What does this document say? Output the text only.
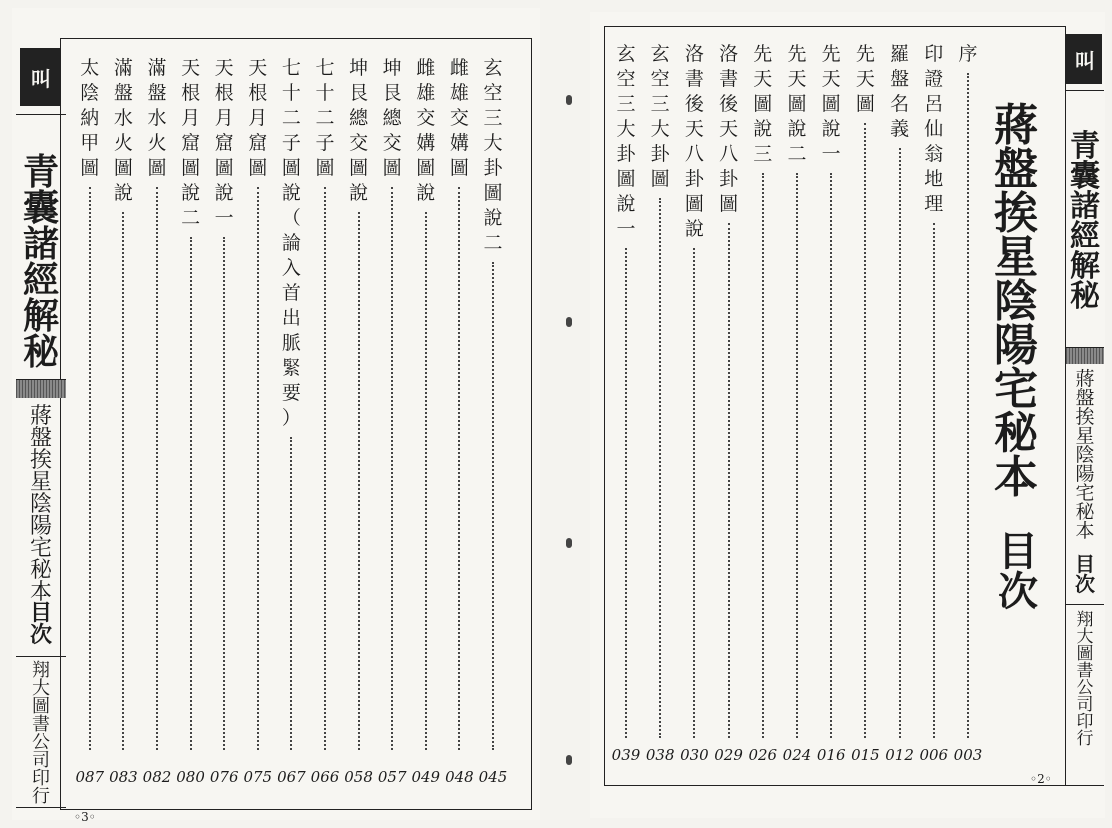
玄
空
三
大
卦
圖
說
二
045
雌
雄
交
媾
圖
048
雌
雄
交
媾
圖
說
049
坤
艮
總
交
圖
057
坤
艮
總
交
圖
說
058
七
十
二
子
圖
066
七
十
二
子
圖
說
（
論
入
首
出
脈
緊
要
）
067
天
根
月
窟
圖
075
天
根
月
窟
圖
說
一
076
天
根
月
窟
圖
說
二
080
滿
盤
水
火
圖
082
滿
盤
水
火
圖
說
083
太
陰
納
甲
圖
087
叫
青
囊
諸
經
解
秘
蔣
盤
挨
星
陰
陽
宅
秘
本
目
次
翔
大
圖
書
公
司
印
行
◦3◦
序
003
印
證
呂
仙
翁
地
理
006
羅
盤
名
義
012
先
天
圖
015
先
天
圖
說
一
016
先
天
圖
說
二
024
先
天
圖
說
三
026
洛
書
後
天
八
卦
圖
029
洛
書
後
天
八
卦
圖
說
030
玄
空
三
大
卦
圖
038
玄
空
三
大
卦
圖
說
一
039
蔣
盤
挨
星
陰
陽
宅
秘
本
目
次
叫
青
囊
諸
經
解
秘
蔣
盤
挨
星
陰
陽
宅
秘
本
目
次
翔
大
圖
書
公
司
印
行
◦2◦
